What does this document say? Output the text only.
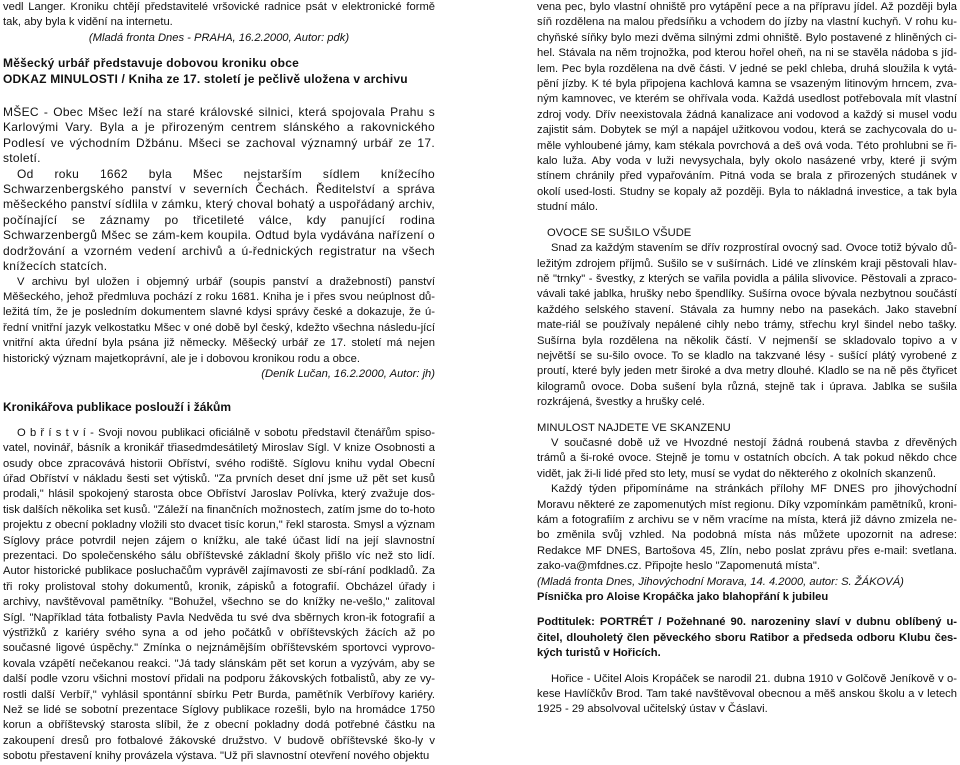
vedl Langer. Kroniku chtějí představitelé vršovické radnice psát v elektronické formě tak, aby byla k vidění na internetu.

(Mladá fronta Dnes - PRAHA, 16.2.2000, Autor: pdk)

Měšecký urbář představuje dobovou kroniku obce

ODKAZ MINULOSTI / Kniha ze 17. století je pečlivě uložena v archivu

MŠEC - Obec Mšec leží na staré královské silnici, která spojovala Prahu s Karlovými Vary. Byla a je přirozeným centrem slánského a rakovnického Podlesí ve východním Džbánu. Mšeci se zachoval významný urbář ze 17. století.

Od roku 1662 byla Mšec nejstarším sídlem knížecího Schwarzenbergského panství v severních Čechách. Ředitelství a správa měšeckého panství sídlila v zámku, který choval bohatý a uspořádaný archiv, počínající se záznamy po třicetileté válce, kdy panující rodina Schwarzenbergů Mšec se zám-kem koupila. Odtud byla vydávána nařízení o dodržování a vzorném vedení archivů a ú-řednických registratur na všech knížecích statcích.

V archivu byl uložen i objemný urbář (soupis panství a dražebností) panství Měšeckého, jehož předmluva pochází z roku 1681. Kniha je i přes svou neúplnost dů-ležitá tím, že je posledním dokumentem slavné kdysi správy české a dokazuje, že ú-řední vnitřní jazyk velkostatku Mšec v oné době byl český, kdežto všechna následu-jící vnitřní akta úřední byla psána již německy. Měšecký urbář ze 17. století má nejen historický význam majetkoprávní, ale je i dobovou kronikou rodu a obce.

(Deník Lučan, 16.2.2000, Autor: jh)

Kronikářova publikace poslouží i žákům

O b ř í s t v í - Svoji novou publikaci oficiálně v sobotu představil čtenářům spiso-vatel, novinář, básník a kronikář třiasedmdesátiletý Miroslav Sígl. V knize Osobnosti a osudy obce zpracovává historii Obříství, svého rodiště. Síglovu knihu vydal Obecní úřad Obříství v nákladu šesti set výtisků. "Za prvních deset dní jsme už pět set kusů prodali," hlásil spokojený starosta obce Obříství Jaroslav Polívka, který zvažuje dos-tisk dalších několika set kusů. "Záleží na finančních možnostech, zatím jsme do to-hoto projektu z obecní pokladny vložili sto dvacet tisíc korun," řekl starosta. Smysl a význam Síglovy práce potvrdil nejen zájem o knížku, ale také účast lidí na její slavnostní prezentaci. Do společenského sálu obříštevské základní školy přišlo víc než sto lidí. Autor historické publikace posluchačům vyprávěl zajímavosti ze sbí-rání podkladů. Za tři roky prolistoval stohy dokumentů, kronik, zápisků a fotografií. Obcházel úřady i archivy, navštěvoval pamětníky. "Bohužel, všechno se do knížky ne-vešlo," zalitoval Sígl. "Například táta fotbalisty Pavla Nedvěda tu své dva sběrnych kron-ik fotografií a výstřižků z kariéry svého syna a od jeho počátků v obříštevských žácích až po současné ligové úspěchy." Zmínka o nejznámějším obříštevském sportovci vyprovo-kovala vzápětí nečekanou reakci. "Já tady slánskám pět set korun a vyzývám, aby se další podle vzoru všichni mostoví přidali na podporu žákovských fotbalistů, aby ze vy-rostli další Verbíř," vyhlásil spontánní sbírku Petr Burda, paměťník Verbířovy kariéry. Než se lidé se sobotní prezentace Síglovy publikace rozešli, bylo na hromádce 1750 korun a obříštevský starosta slíbil, že z obecní pokladny dodá potřebné částku na zakoupení dresů pro fotbalové žákovské družstvo. V budově obříštevské ško-ly v sobotu přestavení knihy provázela výstava. "Už při slavnostní otevření nového objektu

vena pec, bylo vlastní ohniště pro vytápění pece a na přípravu jídel. Až později byla síň rozdělena na malou předsíňku a vchodem do jízby na vlastní kuchyň. V rohu ku-chyňské síňky bylo mezi dvěma silnými zdmi ohniště. Bylo postavené z hliněných ci-hel. Stávala na něm trojnožka, pod kterou hořel oheň, na ni se stavěla nádoba s jíd-lem. Pec byla rozdělena na dvě části. V jedné se pekl chleba, druhá sloužila k vytá-pění jízby. K té byla připojena kachlová kamna se vsazeným litinovým hrncem, zva-ným kamnovec, ve kterém se ohřívala voda. Každá usedlost potřebovala mít vlastní zdroj vody. Dřív neexistovala žádná kanalizace ani vodovod a každý si musel vodu zajistit sám. Dobytek se mýl a napájel užitkovou vodou, která se zachycovala do u-měle vyhloubené jámy, kam stékala povrchová a deš ová voda. Této prohlubni se ři-kalo luža. Aby voda v luži nevysychala, byly okolo nasázené vrby, které ji svým stínem chránily před vypařováním. Pitná voda se brala z přirozených studánek v okolí used-losti. Studny se kopaly až později. Byla to nákladná investice, a tak byla studní málo.

OVOCE SE SUŠILO VŠUDE

Snad za každým stavením se dřív rozprostíral ovocný sad. Ovoce totiž bývalo dů-ležitým zdrojem příjmů. Sušilo se v sušírnách. Lidé ve zlínském kraji pěstovali hlav-ně "trnky" - švestky, z kterých se vařila povidla a pálila slivovice. Pěstovali a zpraco-vávali také jablka, hrušky nebo špendlíky. Sušírna ovoce bývala nezbytnou součástí každého selského stavení. Stávala za humny nebo na pasekách. Jako stavební mate-riál se používaly nepálené cihly nebo trámy, střechu kryl šindel nebo tašky. Sušírna byla rozdělena na několik částí. V nejmenší se skladovalo topivo a v největší se su-šilo ovoce. To se kladlo na takzvané lésy - sušící plátý vyrobené z proutí, které byly jeden metr široké a dva metry dlouhé. Kladlo se na ně pěs čtyřicet kilogramů ovoce. Doba sušení byla různá, stejně tak i úprava. Jablka se sušila rozkrájená, švestky a hrušky celé.

MINULOST NAJDETE VE SKANZENU

V současné době už ve Hvozdné nestojí žádná roubená stavba z dřevěných trámů a ši-roké ovoce. Stejně je tomu v ostatních obcích. A tak pokud někdo chce vidět, jak ži-li lidé před sto lety, musí se vydat do některého z okolních skanzenů.

Každý týden připomínáme na stránkách přílohy MF DNES pro jihovýchodní Moravu některé ze zapomenutých míst regionu. Díky vzpomínkám pamětníků, kroni-kám a fotografiím z archivu se v něm vracíme na místa, která již dávno zmizela ne-bo změnila svůj vzhled. Na podobná místa nás můžete upozornit na adrese: Redakce MF DNES, Bartošova 45, Zlín, nebo poslat zprávu přes e-mail: svetlana. zako-va@mfdnes.cz. Připojte heslo "Zapomenutá místa".

(Mladá fronta Dnes, Jihovýchodní Morava, 14. 4.2000, autor: S. ŽÁKOVÁ)

Písnička pro Aloise Kropáčka jako blahopřání k jubileu

Podtitulek: PORTRÉT / Požehnané 90. narozeniny slaví v dubnu oblíbený u-čitel, dlouholetý člen pěveckého sboru Ratibor a předseda odboru Klubu čes-kých turistů v Hořicích.

Hořice - Učitel Alois Kropáček se narodil 21. dubna 1910 v Golčově Jeníkově v o-kese Havlíčkův Brod. Tam také navštěvoval obecnou a měš anskou školu a v letech 1925 - 29 absolvoval učitelský ústav v Čáslavi.
